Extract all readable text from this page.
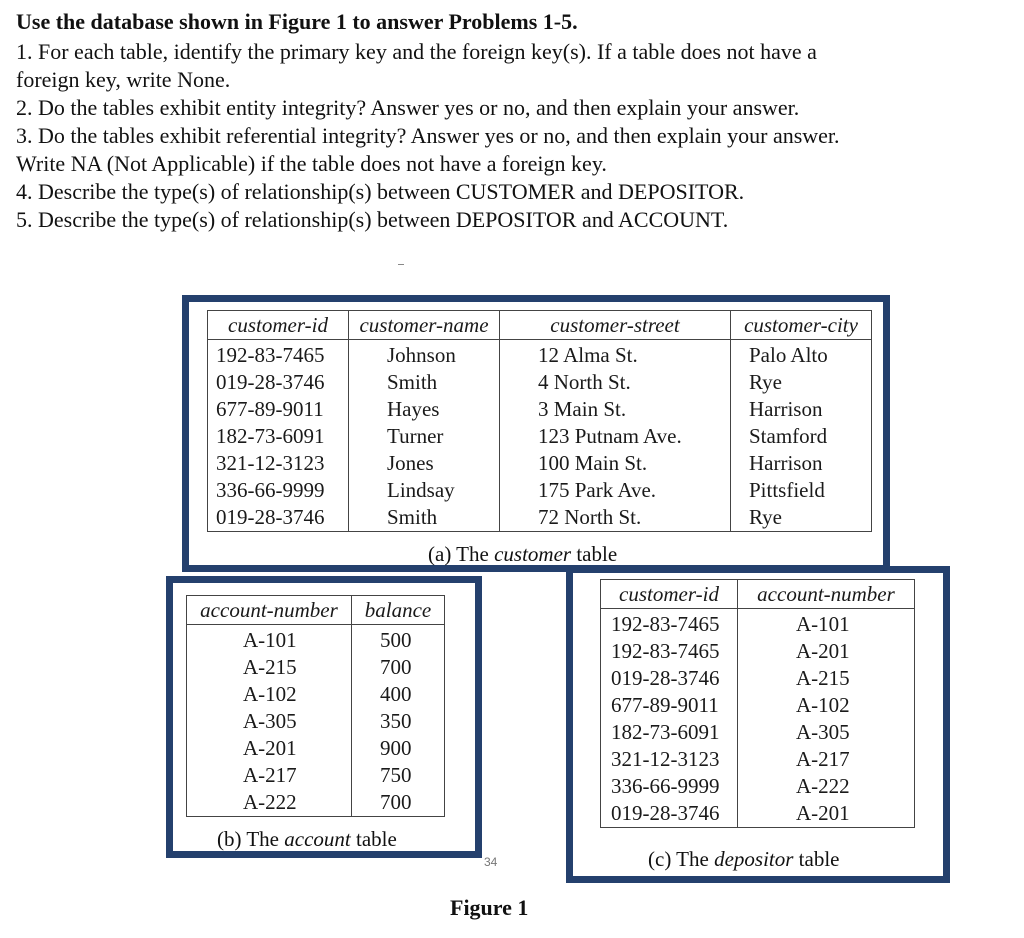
Use the database shown in Figure 1 to answer Problems 1-5.

1. For each table, identify the primary key and the foreign key(s). If a table does not have a

foreign key, write None.

2. Do the tables exhibit entity integrity? Answer yes or no, and then explain your answer.

3. Do the tables exhibit referential integrity? Answer yes or no, and then explain your answer.

Write NA (Not Applicable) if the table does not have a foreign key.

4. Describe the type(s) of relationship(s) between CUSTOMER and DEPOSITOR.

5. Describe the type(s) of relationship(s) between DEPOSITOR and ACCOUNT.

customer-id	customer-name	customer-street	customer-city
192-83-7465	Johnson	12 Alma St.	Palo Alto
019-28-3746	Smith	4 North St.	Rye
677-89-9011	Hayes	3 Main St.	Harrison
182-73-6091	Turner	123 Putnam Ave.	Stamford
321-12-3123	Jones	100 Main St.	Harrison
336-66-9999	Lindsay	175 Park Ave.	Pittsfield
019-28-3746	Smith	72 North St.	Rye
(a) The customer table
account-number	balance
A-101	500
A-215	700
A-102	400
A-305	350
A-201	900
A-217	750
A-222	700
(b) The account table
34
customer-id	account-number
192-83-7465	A-101
192-83-7465	A-201
019-28-3746	A-215
677-89-9011	A-102
182-73-6091	A-305
321-12-3123	A-217
336-66-9999	A-222
019-28-3746	A-201
(c) The depositor table
Figure 1
